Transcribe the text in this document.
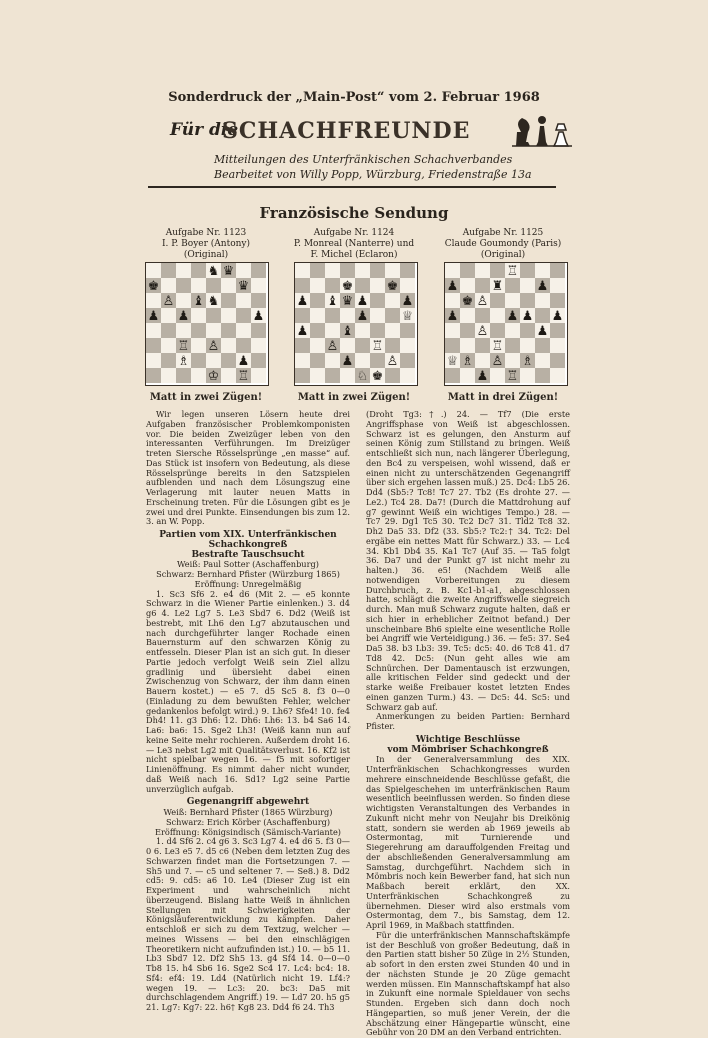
Sonderdruck der „Main-Post“ vom 2. Februar 1968
Für die
SCHACHFREUNDE
Mitteilungen des Unterfränkischen Schachverbandes
Bearbeitet von Willy Popp, Würzburg, Friedenstraße 13a
Französische Sendung
Aufgabe Nr. 1123
I. P. Boyer (Antony)
(Original)
♞ ♛
♚	♛
♙ ♝ ♞
♟ ♟	♟
♖ ♙
♗	♟
♔ ♖
Matt in zwei Zügen!
Aufgabe Nr. 1124
P. Monreal (Nanterre) und
F. Michel (Eclaron)
♚	♚
♟ ♝ ♛ ♟	♟
♟	♕
♟	♝
♙	♖
♟	♙
♘ ♚
Matt in zwei Zügen!
Aufgabe Nr. 1125
Claude Goumondy (Paris)
(Original)
♖
♟	♜	♟
♚ ♙
♟	♟ ♟ ♟
♙	♟
♖
♕ ♗ ♙ ♗
♟ ♖
Matt in drei Zügen!

Wir legen unseren Lösern heute drei Aufgaben französischer Problemkomponisten vor. Die beiden Zweizüger leben von den interessanten Verführungen. Im Dreizüger treten Siersche Rösselsprünge „en masse“ auf. Das Stück ist insofern von Bedeutung, als diese Rösselsprünge bereits in den Satzspielen aufblenden und nach dem Lösungszug eine Verlagerung mit lauter neuen Matts in Erscheinung treten. Für die Lösungen gibt es je zwei und drei Punkte. Einsendungen bis zum 12. 3. an W. Popp.

Partien vom XIX. Unterfränkischen Schachkongreß

Bestrafte Tauschsucht

Weiß: Paul Sotter (Aschaffenburg)

Schwarz: Bernhard Pfister (Würzburg 1865)

Eröffnung: Unregelmäßig

1. Sc3 Sf6 2. e4 d6 (Mit 2. — e5 konnte Schwarz in die Wiener Partie einlenken.) 3. d4 g6 4. Le2 Lg7 5. Le3 Sbd7 6. Dd2 (Weiß ist bestrebt, mit Lh6 den Lg7 abzutauschen und nach durchgeführter langer Rochade einen Bauernsturm auf den schwarzen König zu entfesseln. Dieser Plan ist an sich gut. In dieser Partie jedoch verfolgt Weiß sein Ziel allzu gradlinig und übersieht dabei einen Zwischenzug von Schwarz, der ihm dann einen Bauern kostet.) — e5 7. d5 Sc5 8. f3 0—0 (Einladung zu dem bewußten Fehler, welcher gedankenlos befolgt wird.) 9. Lh6? Sfe4! 10. fe4 Dh4! 11. g3 Dh6: 12. Dh6: Lh6: 13. b4 Sa6 14. La6: ba6: 15. Sge2 Lh3! (Weiß kann nun auf keine Seite mehr rochieren. Außerdem droht 16. — Le3 nebst Lg2 mit Qualitätsverlust. 16. Kf2 ist nicht spielbar wegen 16. — f5 mit sofortiger Linienöffnung. Es nimmt daher nicht wunder, daß Weiß nach 16. Sd1? Lg2 seine Partie unverzüglich aufgab.

Gegenangriff abgewehrt

Weiß: Bernhard Pfister (1865 Würzburg)

Schwarz: Erich Körber (Aschaffenburg)

Eröffnung: Königsindisch (Sämisch-Variante)

1. d4 Sf6 2. c4 g6 3. Sc3 Lg7 4. e4 d6 5. f3 0—0 6. Le3 e5 7. d5 c6 (Neben dem letzten Zug des Schwarzen findet man die Fortsetzungen 7. — Sh5 und 7. — c5 und seltener 7. — Se8.) 8. Dd2 cd5: 9. cd5: a6 10. Le4 (Dieser Zug ist ein Experiment und wahrscheinlich nicht überzeugend. Bislang hatte Weiß in ähnlichen Stellungen mit Schwierigkeiten der Königsläuferentwicklung zu kämpfen. Daher entschloß er sich zu dem Textzug, welcher — meines Wissens — bei den einschlägigen Theoretikern nicht aufzufinden ist.) 10. — b5 11. Lb3 Sbd7 12. Df2 Sh5 13. g4 Sf4 14. 0—0—0 Tb8 15. h4 Sb6 16. Sge2 Sc4 17. Lc4: bc4: 18. Sf4: ef4: 19. Ld4 (Natürlich nicht 19. Lf4:? wegen 19. — Lc3: 20. bc3: Da5 mit durchschlagendem Angriff.) 19. — Ld7 20. h5 g5 21. Lg7: Kg7: 22. h6† Kg8 23. Dd4 f6 24. Th3

(Droht Tg3:†.) 24. — Tf7 (Die erste Angriffsphase von Weiß ist abgeschlossen. Schwarz ist es gelungen, den Ansturm auf seinen König zum Stillstand zu bringen. Weiß entschließt sich nun, nach längerer Überlegung, den Bc4 zu verspeisen, wohl wissend, daß er einen nicht zu unterschätzenden Gegenangriff über sich ergehen lassen muß.) 25. Dc4: Lb5 26. Dd4 (Sb5:? Tc8! Tc7 27. Tb2 (Es drohte 27. — Le2.) Tc4 28. Da7! (Durch die Mattdrohung auf g7 gewinnt Weiß ein wichtiges Tempo.) 28. — Tc7 29. Dg1 Tc5 30. Tc2 Dc7 31. Tld2 Tc8 32. Dh2 Da5 33. Df2 (33. Sb5:? Tc2:† 34. Tc2: Del ergäbe ein nettes Matt für Schwarz.) 33. — Lc4 34. Kb1 Db4 35. Ka1 Tc7 (Auf 35. — Ta5 folgt 36. Da7 und der Punkt g7 ist nicht mehr zu halten.) 36. e5! (Nachdem Weiß alle notwendigen Vorbereitungen zu diesem Durchbruch, z. B. Kc1-b1-a1, abgeschlossen hatte, schlägt die zweite Angriffswelle siegreich durch. Man muß Schwarz zugute halten, daß er sich hier in erheblicher Zeitnot befand.) Der unscheinbare Bh6 spielte eine wesentliche Rolle bei Angriff wie Verteidigung.) 36. — fe5: 37. Se4 Da5 38. b3 Lb3: 39. Tc5: dc5: 40. d6 Tc8 41. d7 Td8 42. Dc5: (Nun geht alles wie am Schnürchen. Der Damentausch ist erzwungen, alle kritischen Felder sind gedeckt und der starke weiße Freibauer kostet letzten Endes einen ganzen Turm.) 43. — Dc5: 44. Sc5: und Schwarz gab auf.

Anmerkungen zu beiden Partien: Bernhard Pfister.

Wichtige Beschlüsse

vom Mömbriser Schachkongreß

In der Generalversammlung des XIX. Unterfränkischen Schachkongresses wurden mehrere einschneidende Beschlüsse gefaßt, die das Spielgeschehen im unterfränkischen Raum wesentlich beeinflussen werden. So finden diese wichtigsten Veranstaltungen des Verbandes in Zukunft nicht mehr von Neujahr bis Dreikönig statt, sondern sie werden ab 1969 jeweils ab Ostermontag, mit Turnierende und Siegerehrung am darauffolgenden Freitag und der abschließenden Generalversammlung am Samstag, durchgeführt. Nachdem sich in Mömbris noch kein Bewerber fand, hat sich nun Maßbach bereit erklärt, den XX. Unterfränkischen Schachkongreß zu übernehmen. Dieser wird also erstmals vom Ostermontag, dem 7., bis Samstag, dem 12. April 1969, in Maßbach stattfinden.

Für die unterfränkischen Mannschaftskämpfe ist der Beschluß von großer Bedeutung, daß in den Partien statt bisher 50 Züge in 2½ Stunden, ab sofort in den ersten zwei Stunden 40 und in der nächsten Stunde je 20 Züge gemacht werden müssen. Ein Mannschaftskampf hat also in Zukunft eine normale Spieldauer von sechs Stunden. Ergeben sich dann doch noch Hängepartien, so muß jener Verein, der die Abschätzung einer Hängepartie wünscht, eine Gebühr von 20 DM an den Verband entrichten.
